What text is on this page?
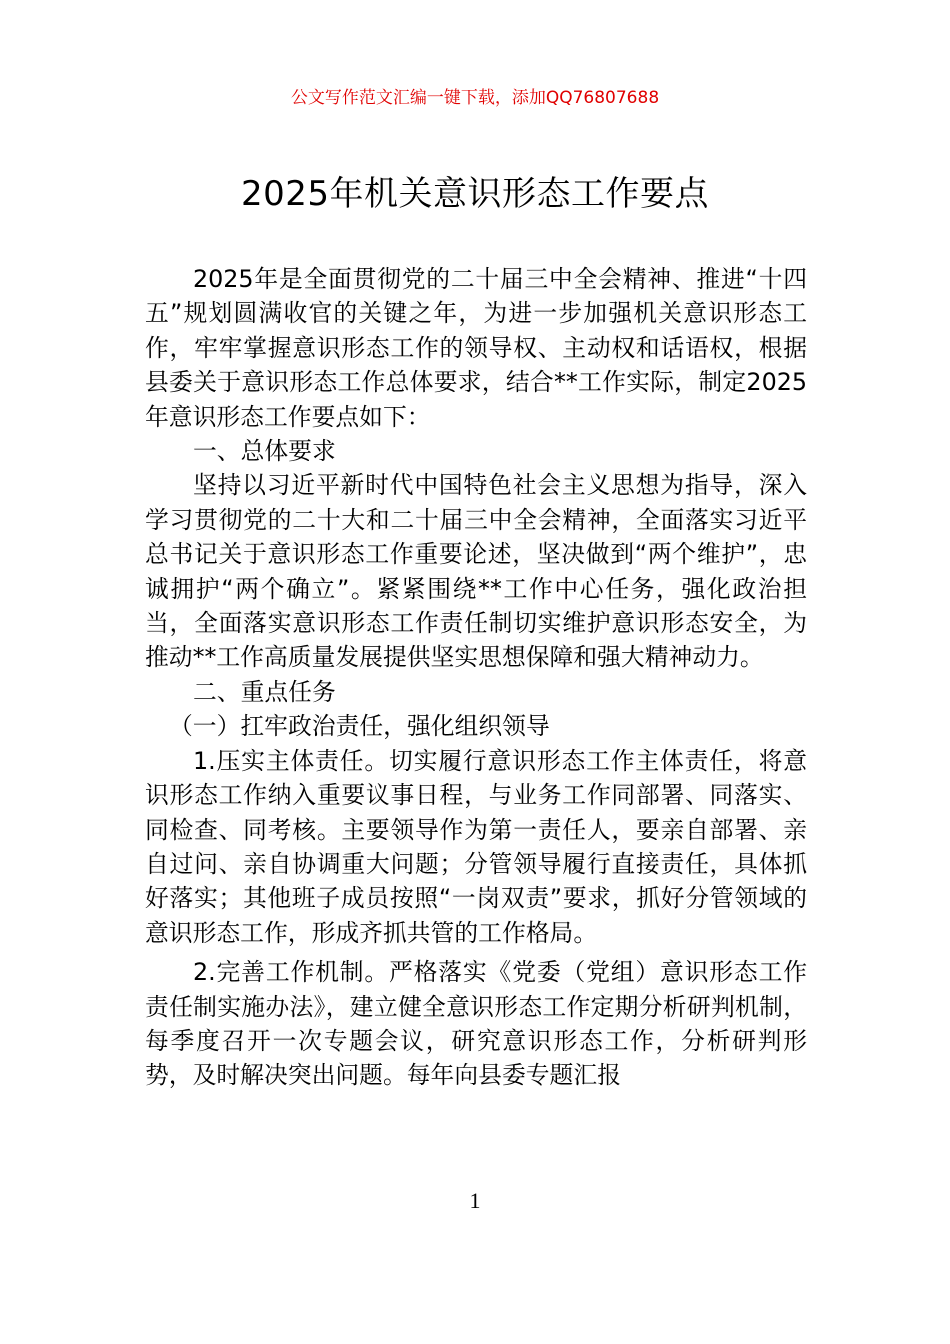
公文写作范文汇编一键下载，添加QQ76807688
2025年机关意识形态工作要点

2025年是全面贯彻党的二十届三中全会精神、推进“十四五”规划圆满收官的关键之年，为进一步加强机关意识形态工作，牢牢掌握意识形态工作的领导权、主动权和话语权，根据县委关于意识形态工作总体要求，结合**工作实际，制定2025年意识形态工作要点如下：

一、总体要求

坚持以习近平新时代中国特色社会主义思想为指导，深入学习贯彻党的二十大和二十届三中全会精神，全面落实习近平总书记关于意识形态工作重要论述，坚决做到“两个维护”，忠诚拥护“两个确立”。紧紧围绕**工作中心任务，强化政治担当，全面落实意识形态工作责任制切实维护意识形态安全，为推动**工作高质量发展提供坚实思想保障和强大精神动力。

二、重点任务

（一）扛牢政治责任，强化组织领导

1.压实主体责任。切实履行意识形态工作主体责任，将意识形态工作纳入重要议事日程，与业务工作同部署、同落实、同检查、同考核。主要领导作为第一责任人，要亲自部署、亲自过问、亲自协调重大问题；分管领导履行直接责任，具体抓好落实；其他班子成员按照“一岗双责”要求，抓好分管领域的意识形态工作，形成齐抓共管的工作格局。

2.完善工作机制。严格落实《党委（党组）意识形态工作责任制实施办法》，建立健全意识形态工作定期分析研判机制，每季度召开一次专题会议，研究意识形态工作，分析研判形势，及时解决突出问题。每年向县委专题汇报

1
